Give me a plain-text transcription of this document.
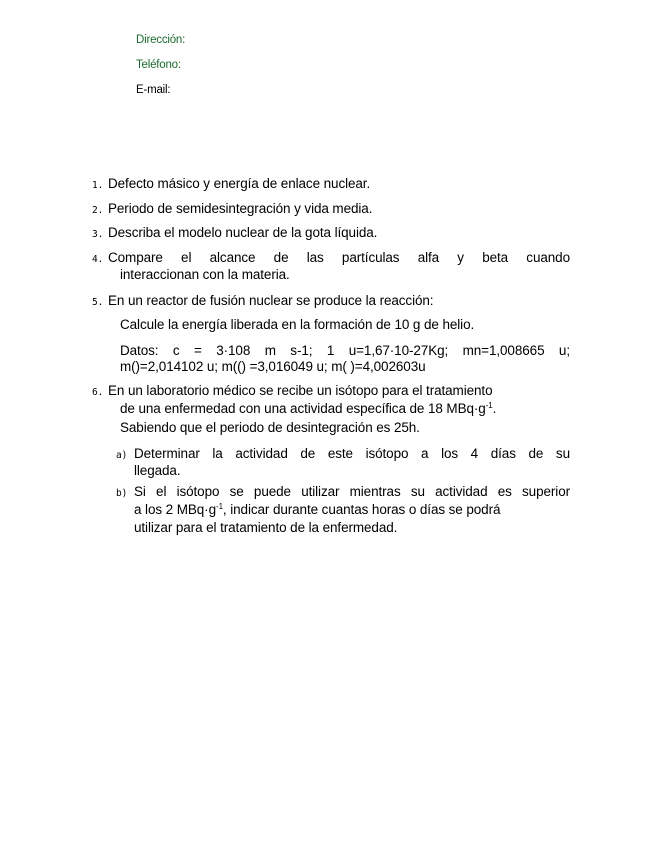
Dirección:
Teléfono:
E-mail:
1. Defecto másico y energía de enlace nuclear.
2. Periodo de semidesintegración y vida media.
3. Describa el modelo nuclear de la gota líquida.
4. Compare el alcance de las partículas alfa y beta cuando
interaccionan con la materia.
5. En un reactor de fusión nuclear se produce la reacción:
Calcule la energía liberada en la formación de 10 g de helio.
Datos: c = 3·108 m s-1; 1 u=1,67·10-27Kg; mn=1,008665 u;
m()=2,014102 u; m(() =3,016049 u; m( )=4,002603u
6. En un laboratorio médico se recibe un isótopo para el tratamiento
de una enfermedad con una actividad específica de 18 $MBq\cdot g^{-1}$.
Sabiendo que el periodo de desintegración es 25h.
a) Determinar la actividad de este isótopo a los 4 días de su
llegada.
b) Si el isótopo se puede utilizar mientras su actividad es superior
a los 2 $MBq\cdot g^{-1}$, indicar durante cuantas horas o días se podrá
utilizar para el tratamiento de la enfermedad.
